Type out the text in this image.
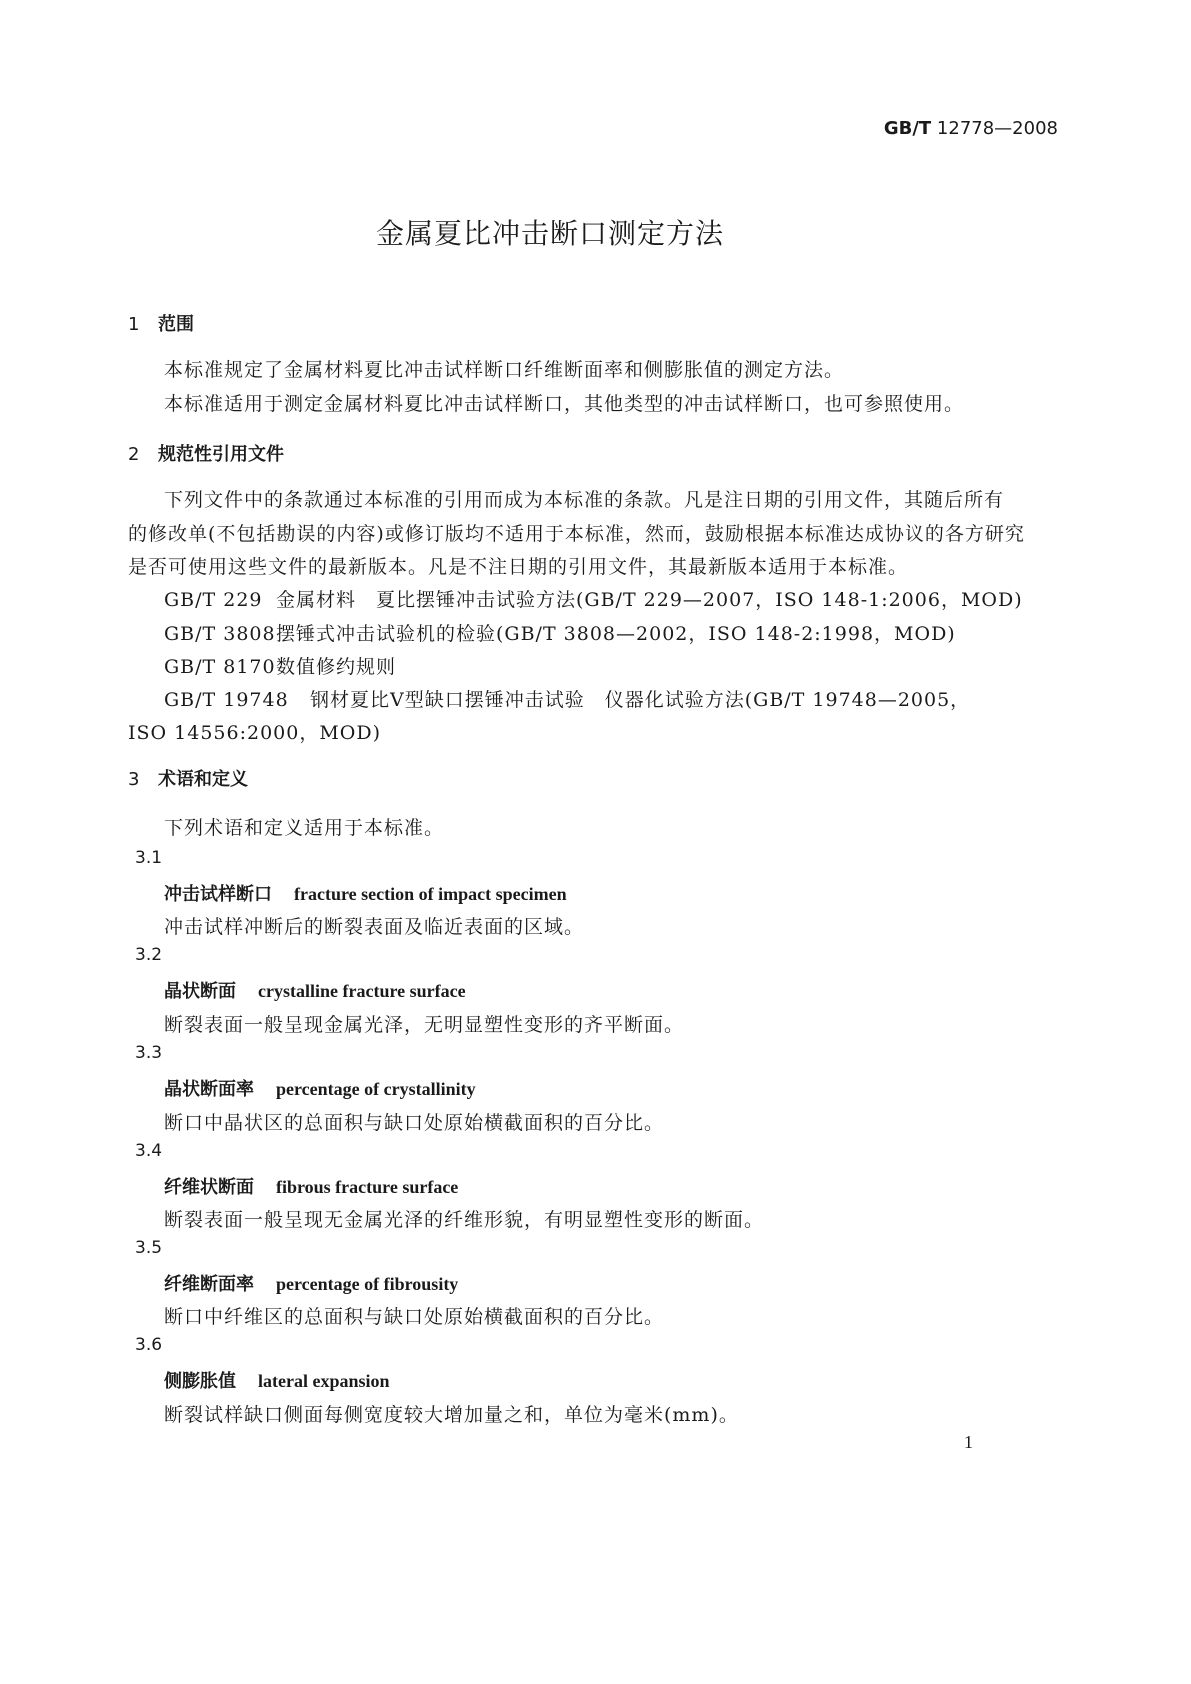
GB/T 12778—2008
金属夏比冲击断口测定方法
1 范围
本标准规定了金属材料夏比冲击试样断口纤维断面率和侧膨胀值的测定方法。
本标准适用于测定金属材料夏比冲击试样断口，其他类型的冲击试样断口，也可参照使用。
2 规范性引用文件
下列文件中的条款通过本标准的引用而成为本标准的条款。凡是注日期的引用文件，其随后所有
的修改单(不包括勘误的内容)或修订版均不适用于本标准，然而，鼓励根据本标准达成协议的各方研究
是否可使用这些文件的最新版本。凡是不注日期的引用文件，其最新版本适用于本标准。
GB/T 229 金属材料　夏比摆锤冲击试验方法(GB/T 229—2007，ISO 148-1:2006，MOD)
GB/T 3808摆锤式冲击试验机的检验(GB/T 3808—2002，ISO 148-2:1998，MOD)
GB/T 8170数值修约规则
GB/T 19748 钢材夏比V型缺口摆锤冲击试验　仪器化试验方法(GB/T 19748—2005，
ISO 14556:2000，MOD)
3 术语和定义
下列术语和定义适用于本标准。
3.1
冲击试样断口 fracture section of impact specimen
冲击试样冲断后的断裂表面及临近表面的区域。
3.2
晶状断面 crystalline fracture surface
断裂表面一般呈现金属光泽，无明显塑性变形的齐平断面。
3.3
晶状断面率 percentage of crystallinity
断口中晶状区的总面积与缺口处原始横截面积的百分比。
3.4
纤维状断面 fibrous fracture surface
断裂表面一般呈现无金属光泽的纤维形貌，有明显塑性变形的断面。
3.5
纤维断面率 percentage of fibrousity
断口中纤维区的总面积与缺口处原始横截面积的百分比。
3.6
侧膨胀值 lateral expansion
断裂试样缺口侧面每侧宽度较大增加量之和，单位为毫米(mm)。
1
